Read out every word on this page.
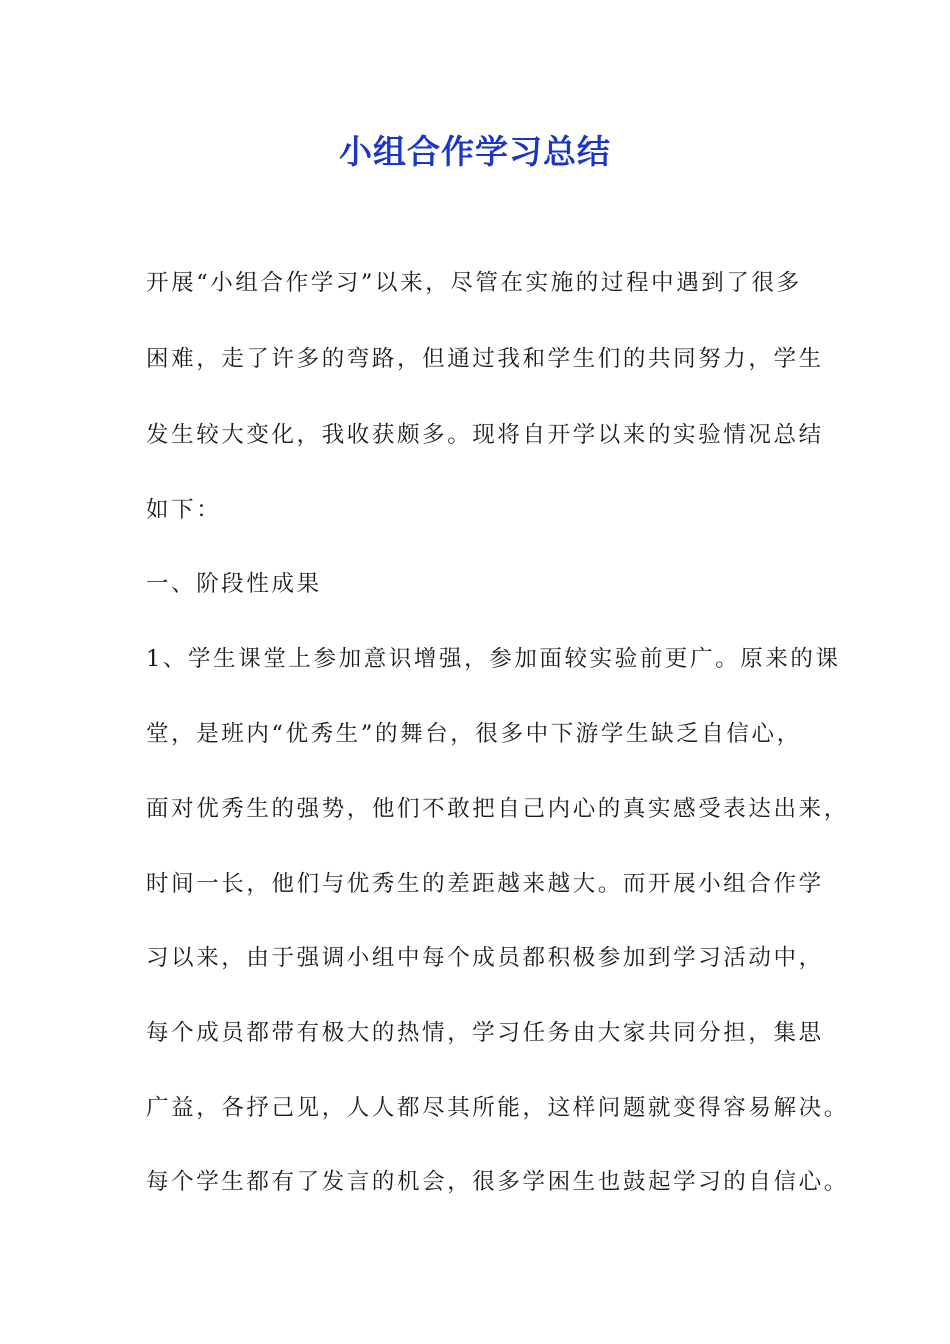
小组合作学习总结
开展“小组合作学习”以来，尽管在实施的过程中遇到了很多
困难，走了许多的弯路，但通过我和学生们的共同努力，学生
发生较大变化，我收获颇多。现将自开学以来的实验情况总结
如下：
一、阶段性成果
1、学生课堂上参加意识增强，参加面较实验前更广。原来的课
堂，是班内“优秀生”的舞台，很多中下游学生缺乏自信心，
面对优秀生的强势，他们不敢把自己内心的真实感受表达出来，
时间一长，他们与优秀生的差距越来越大。而开展小组合作学
习以来，由于强调小组中每个成员都积极参加到学习活动中，
每个成员都带有极大的热情，学习任务由大家共同分担，集思
广益，各抒己见，人人都尽其所能，这样问题就变得容易解决。
每个学生都有了发言的机会，很多学困生也鼓起学习的自信心。
